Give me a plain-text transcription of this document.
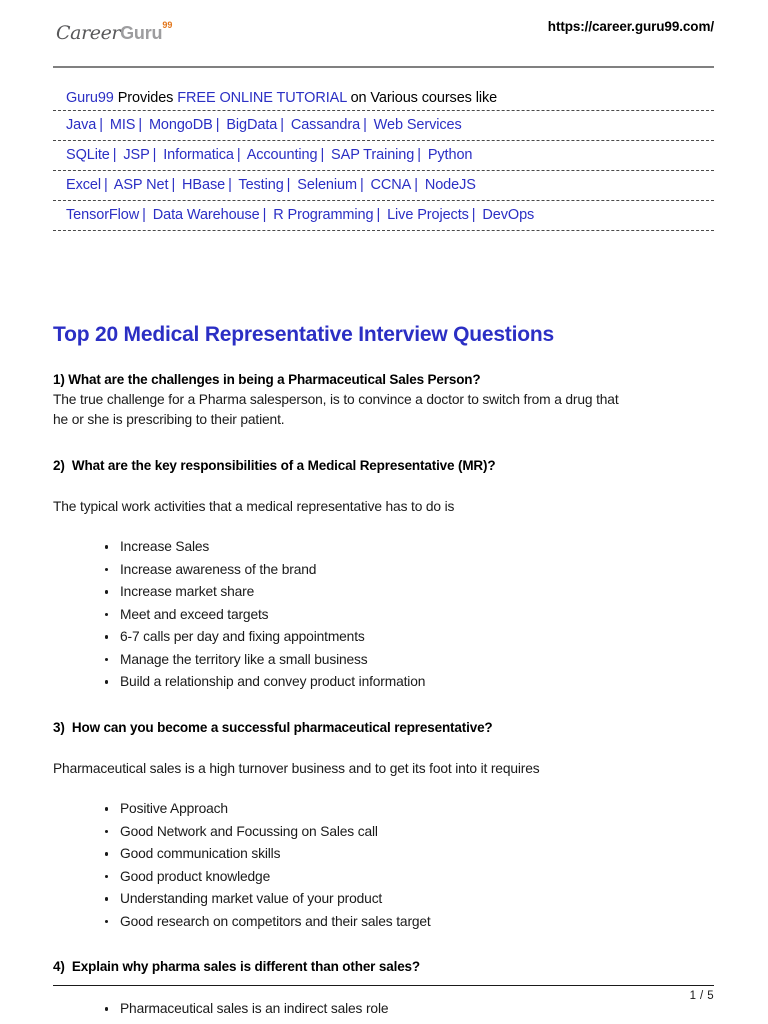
CareerGuru$^{99}$	https://career.guru99.com/
Guru99 Provides FREE ONLINE TUTORIAL on Various courses like
Java | MIS | MongoDB | BigData | Cassandra | Web Services
SQLite | JSP | Informatica | Accounting | SAP Training | Python
Excel | ASP Net | HBase | Testing | Selenium | CCNA | NodeJS
TensorFlow | Data Warehouse | R Programming | Live Projects | DevOps
Top 20 Medical Representative Interview Questions

1) What are the challenges in being a Pharmaceutical Sales Person?

The true challenge for a Pharma salesperson, is to convince a doctor to switch from a drug that

he or she is prescribing to their patient.

2)  What are the key responsibilities of a Medical Representative (MR)?

The typical work activities that a medical representative has to do is

Increase Sales
Increase awareness of the brand
Increase market share
Meet and exceed targets
6-7 calls per day and fixing appointments
Manage the territory like a small business
Build a relationship and convey product information

3)  How can you become a successful pharmaceutical representative?

Pharmaceutical sales is a high turnover business and to get its foot into it requires

Positive Approach
Good Network and Focussing on Sales call
Good communication skills
Good product knowledge
Understanding market value of your product
Good research on competitors and their sales target

4)  Explain why pharma sales is different than other sales?

Pharmaceutical sales is an indirect sales role
1 / 5
